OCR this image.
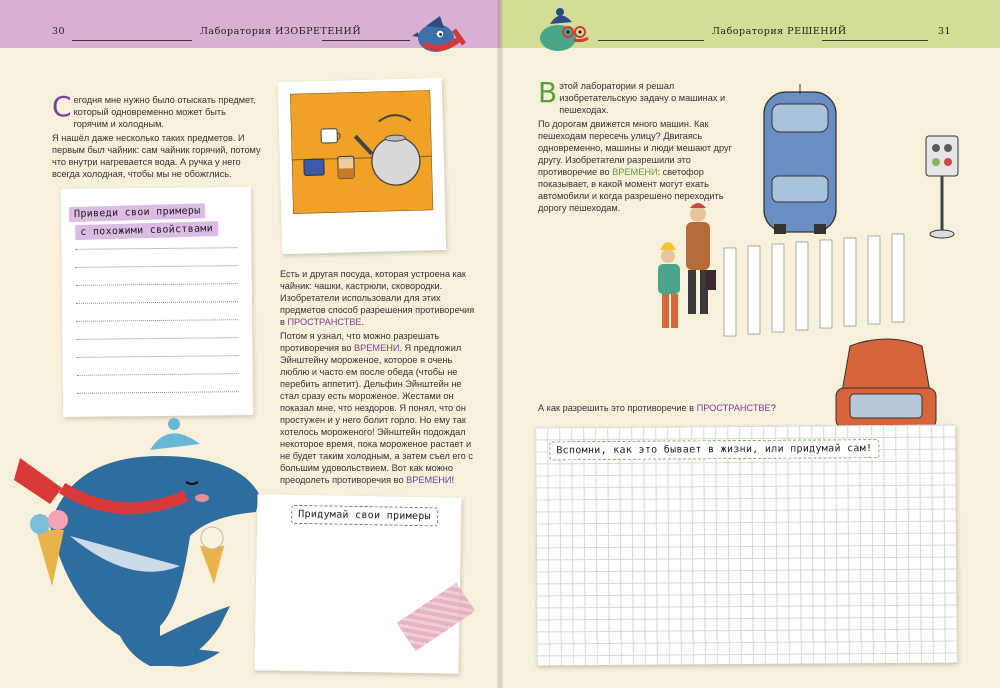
30	Лаборатория ИЗОБРЕТЕНИЙ

С егодня мне нужно было отыскать предмет, который одновременно может быть горячим и холодным.

Я нашёл даже несколько таких предметов. И первым был чайник: сам чайник горячий, потому что внутри нагревается вода. А ручка у него всегда холодная, чтобы мы не обожглись.

Приведи свои примеры с похожими свойствами

Есть и другая посуда, которая устроена как чайник: чашки, кастрюли, сковородки. Изобретатели использовали для этих предметов способ разрешения противоречия в ПРОСТРАНСТВЕ.

Потом я узнал, что можно разрешать противоречия во ВРЕМЕНИ. Я предложил Эйнштейну мороженое, которое я очень люблю и часто ем после обеда (чтобы не перебить аппетит). Дельфин Эйнштейн не стал сразу есть мороженое. Жестами он показал мне, что нездоров. Я понял, что он простужен и у него болит горло. Но ему так хотелось мороженого! Эйнштейн подождал некоторое время, пока мороженое растает и не будет таким холодным, а затем съел его с большим удовольствием. Вот как можно преодолеть противоречия во ВРЕМЕНИ!

Придумай свои примеры
Лаборатория РЕШЕНИЙ	31

В этой лаборатории я решал изобретательскую задачу о машинах и пешеходах.

По дорогам движется много машин. Как пешеходам пересечь улицу? Двигаясь одновременно, машины и люди мешают друг другу. Изобретатели разрешили это противоречие во ВРЕМЕНИ: светофор показывает, в какой момент могут ехать автомобили и когда разрешено переходить дорогу пешеходам.

А как разрешить это противоречие в ПРОСТРАНСТВЕ?
Вспомни, как это бывает в жизни, или придумай сам!
